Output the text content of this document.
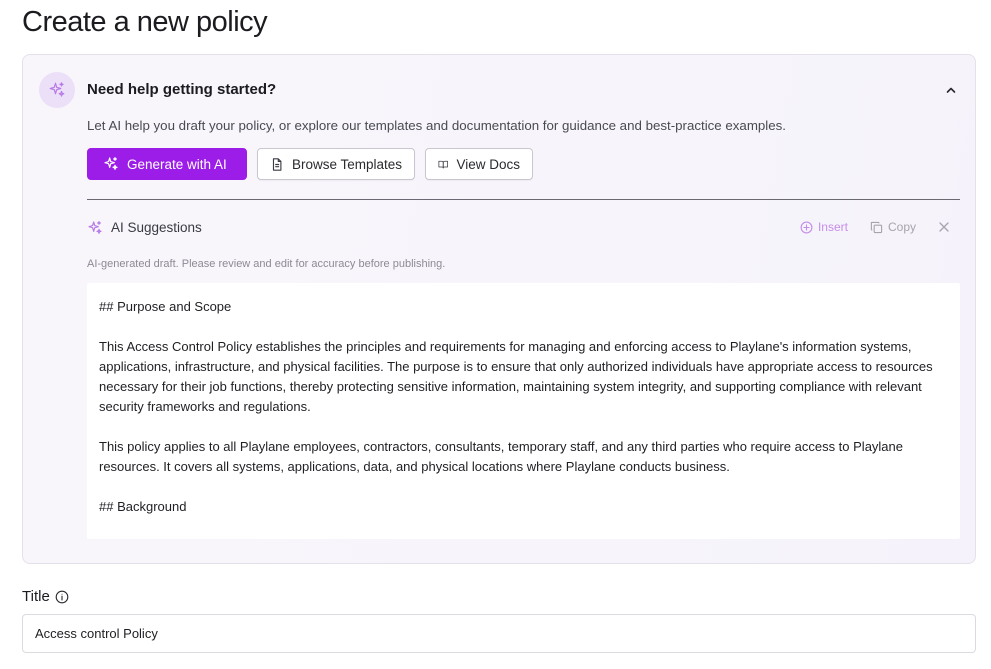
Create a new policy
Need help getting started?
Let AI help you draft your policy, or explore our templates and documentation for guidance and best-practice examples.
Generate with AI	Browse Templates	View Docs
AI Suggestions	Insert	Copy
AI-generated draft. Please review and edit for accuracy before publishing.

## Purpose and Scope

This Access Control Policy establishes the principles and requirements for managing and enforcing access to Playlane's information systems, applications, infrastructure, and physical facilities. The purpose is to ensure that only authorized individuals have appropriate access to resources necessary for their job functions, thereby protecting sensitive information, maintaining system integrity, and supporting compliance with relevant security frameworks and regulations.

This policy applies to all Playlane employees, contractors, consultants, temporary staff, and any third parties who require access to Playlane resources. It covers all systems, applications, data, and physical locations where Playlane conducts business.

## Background

Title
Access control Policy
